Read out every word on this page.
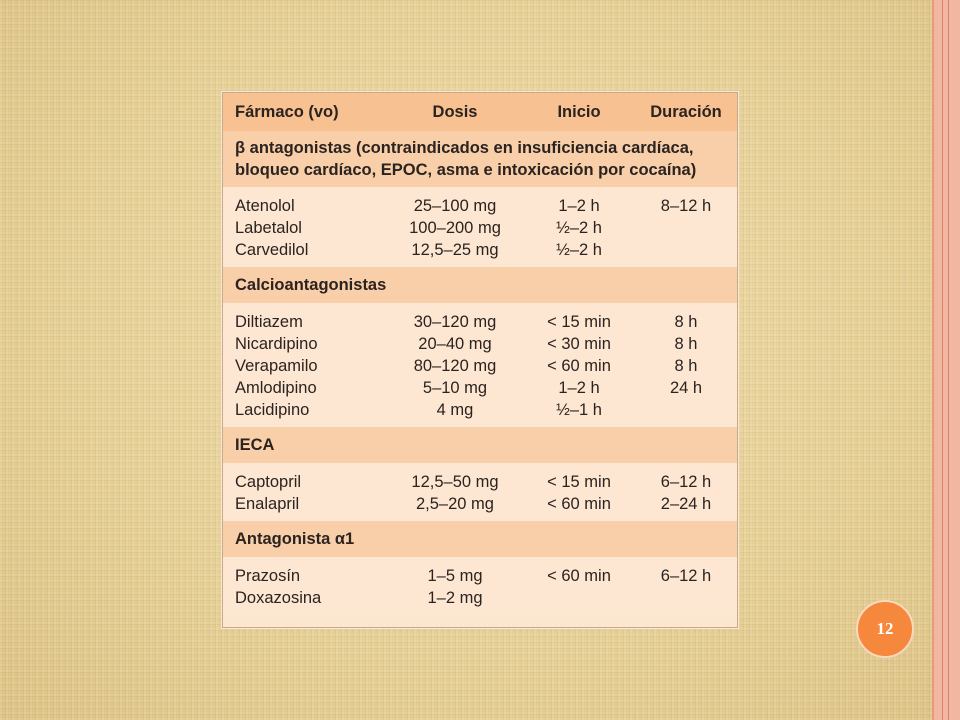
Fármaco (vo)	Dosis	Inicio	Duración
β antagonistas (contraindicados en insuficiencia cardíaca, bloqueo cardíaco, EPOC, asma e intoxicación por cocaína)
Atenolol	25–100 mg	1–2 h	8–12 h
Labetalol	100–200 mg	½–2 h
Carvedilol	12,5–25 mg	½–2 h
Calcioantagonistas
Diltiazem	30–120 mg	< 15 min	8 h
Nicardipino	20–40 mg	< 30 min	8 h
Verapamilo	80–120 mg	< 60 min	8 h
Amlodipino	5–10 mg	1–2 h	24 h
Lacidipino	4 mg	½–1 h
IECA
Captopril	12,5–50 mg	< 15 min	6–12 h
Enalapril	2,5–20 mg	< 60 min	2–24 h
Antagonista α1
Prazosín	1–5 mg	< 60 min	6–12 h
Doxazosina	1–2 mg
12
